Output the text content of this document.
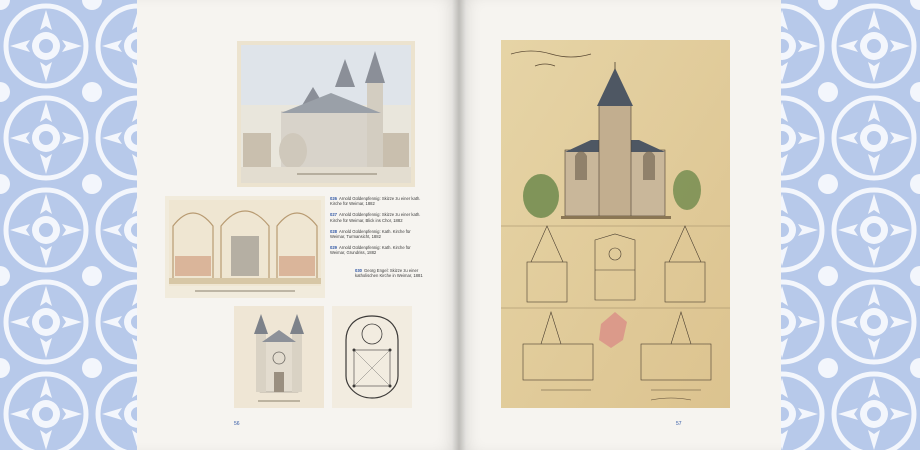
026 Arnold Güldenpfennig: Skizze zu einer kath. Kirche für Weimar, 1882
027 Arnold Güldenpfennig: Skizze zu einer kath. Kirche für Weimar, Blick ins Chor, 1882
028 Arnold Güldenpfennig: Kath. Kirche für Weimar, Turmansicht, 1882
029 Arnold Güldenpfennig: Kath. Kirche für Weimar, Grundriss, 1882
030 Georg Engel: Skizze zu einer katholischen Kirche in Weimar, 1881
56	57
